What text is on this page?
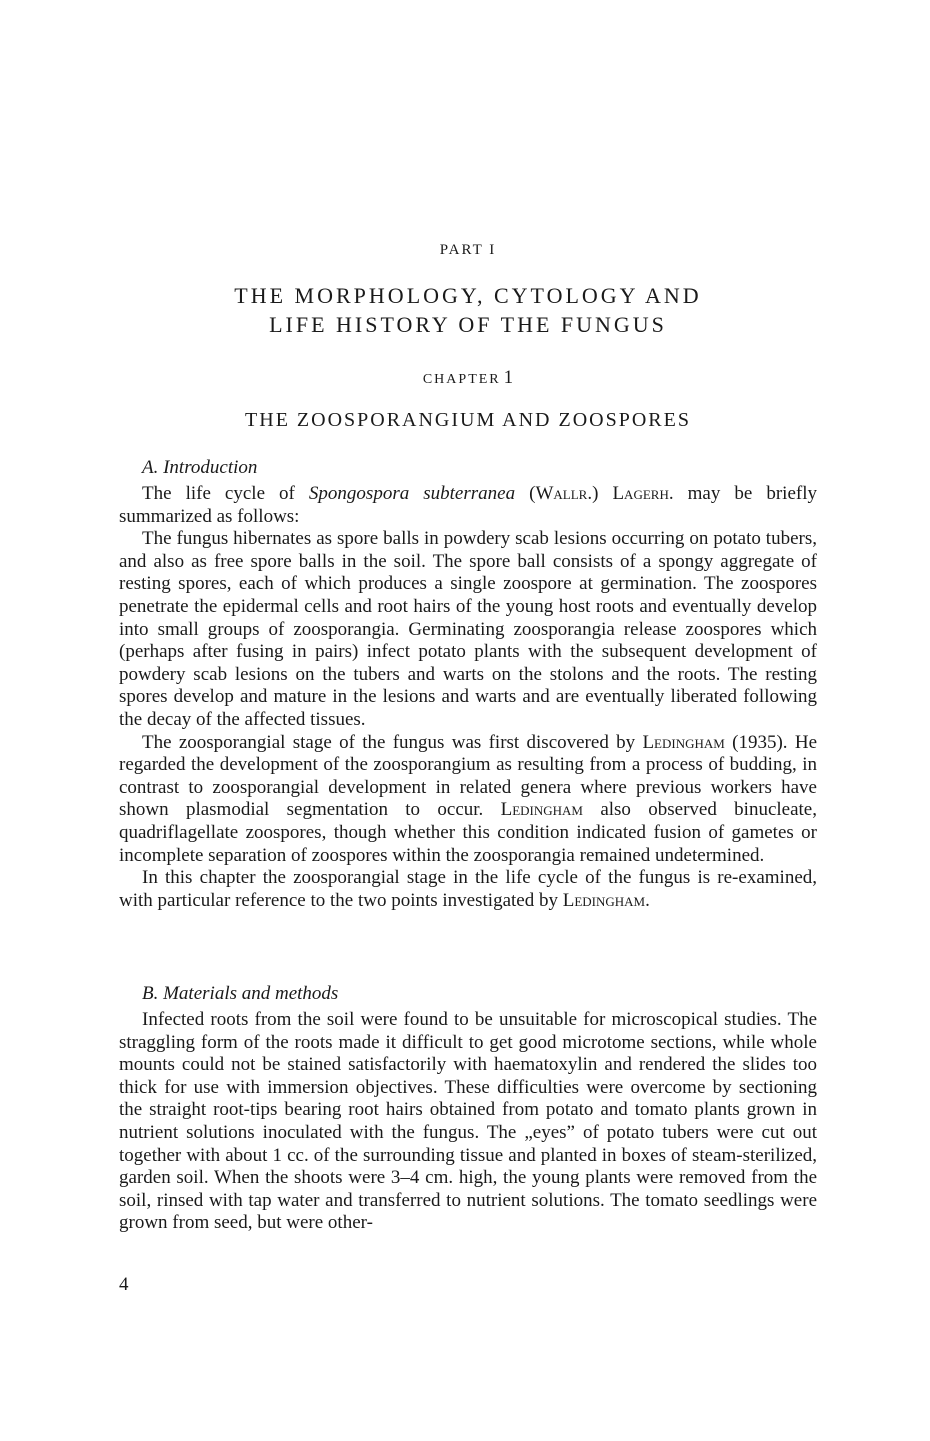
PART I
THE MORPHOLOGY, CYTOLOGY AND
LIFE HISTORY OF THE FUNGUS
CHAPTER 1
THE ZOOSPORANGIUM AND ZOOSPORES
A. Introduction

The life cycle of Spongospora subterranea (Wallr.) Lagerh. may be briefly summarized as follows:

The fungus hibernates as spore balls in powdery scab lesions occurring on potato tubers, and also as free spore balls in the soil. The spore ball consists of a spongy aggregate of resting spores, each of which produces a single zoospore at germination. The zoospores penetrate the epidermal cells and root hairs of the young host roots and eventually develop into small groups of zoosporangia. Germinating zoosporangia release zoospores which (perhaps after fusing in pairs) infect potato plants with the subsequent development of powdery scab lesions on the tubers and warts on the stolons and the roots. The resting spores develop and mature in the lesions and warts and are eventually liberated following the decay of the affected tissues.

The zoosporangial stage of the fungus was first discovered by Ledingham (1935). He regarded the development of the zoosporangium as resulting from a process of budding, in contrast to zoosporangial development in related genera where previous workers have shown plasmodial segmentation to occur. Ledingham also observed binucleate, quadriflagellate zoospores, though whether this condition indicated fusion of gametes or incomplete separation of zoospores within the zoosporangia remained undetermined.

In this chapter the zoosporangial stage in the life cycle of the fungus is re-examined, with particular reference to the two points investigated by Ledingham.

B. Materials and methods

Infected roots from the soil were found to be unsuitable for microscopical studies. The straggling form of the roots made it difficult to get good microtome sections, while whole mounts could not be stained satisfactorily with haematoxylin and rendered the slides too thick for use with immersion objectives. These difficulties were overcome by sectioning the straight root-tips bearing root hairs obtained from potato and tomato plants grown in nutrient solutions inoculated with the fungus. The „eyes” of potato tubers were cut out together with about 1 cc. of the surrounding tissue and planted in boxes of steam-sterilized, garden soil. When the shoots were 3–4 cm. high, the young plants were removed from the soil, rinsed with tap water and transferred to nutrient solutions. The tomato seedlings were grown from seed, but were other-

4
